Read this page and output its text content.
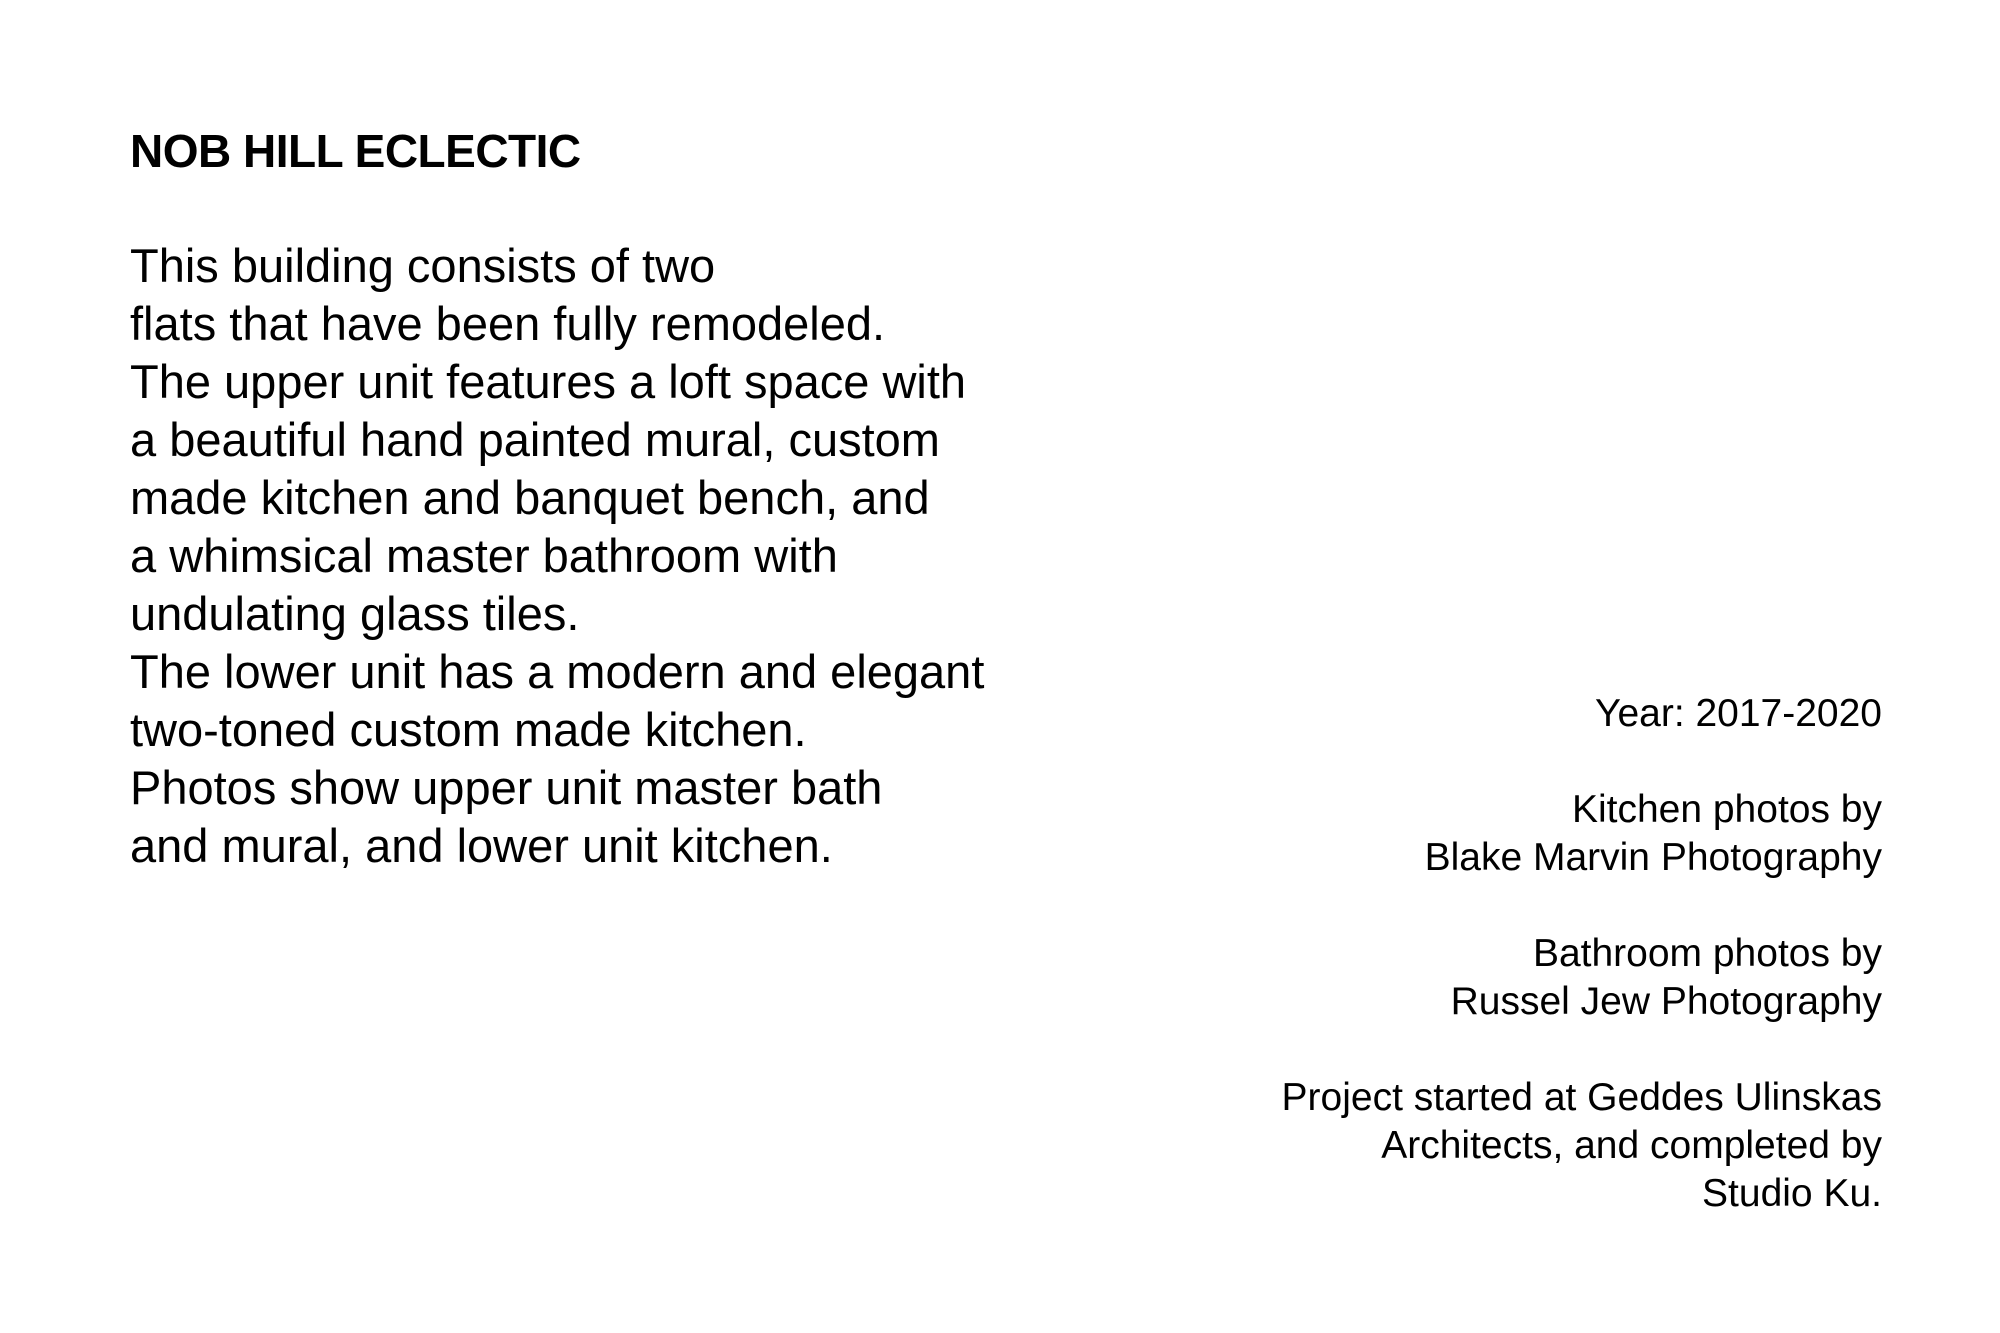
NOB HILL ECLECTIC
This building consists of two
flats that have been fully remodeled.
The upper unit features a loft space with
a beautiful hand painted mural, custom
made kitchen and banquet bench, and
a whimsical master bathroom with
undulating glass tiles.
The lower unit has a modern and elegant
two-toned custom made kitchen.
Photos show upper unit master bath
and mural, and lower unit kitchen.
Year: 2017-2020
Kitchen photos by
Blake Marvin Photography
Bathroom photos by
Russel Jew Photography
Project started at Geddes Ulinskas
Architects, and completed by
Studio Ku.
